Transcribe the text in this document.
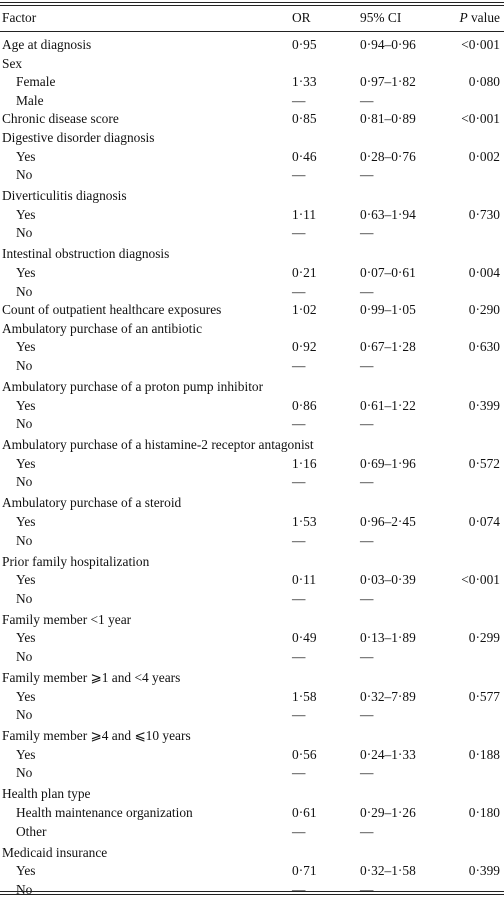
Factor	OR	95% CI	P value
Age at diagnosis	0·95	0·94–0·96	<0·001
Sex
Female	1·33	0·97–1·82	0·080
Male	—	—
Chronic disease score	0·85	0·81–0·89	<0·001
Digestive disorder diagnosis
Yes	0·46	0·28–0·76	0·002
No	—	—
Diverticulitis diagnosis
Yes	1·11	0·63–1·94	0·730
No	—	—
Intestinal obstruction diagnosis
Yes	0·21	0·07–0·61	0·004
No	—	—
Count of outpatient healthcare exposures	1·02	0·99–1·05	0·290
Ambulatory purchase of an antibiotic
Yes	0·92	0·67–1·28	0·630
No	—	—
Ambulatory purchase of a proton pump inhibitor
Yes	0·86	0·61–1·22	0·399
No	—	—
Ambulatory purchase of a histamine-2 receptor antagonist
Yes	1·16	0·69–1·96	0·572
No	—	—
Ambulatory purchase of a steroid
Yes	1·53	0·96–2·45	0·074
No	—	—
Prior family hospitalization
Yes	0·11	0·03–0·39	<0·001
No	—	—
Family member <1 year
Yes	0·49	0·13–1·89	0·299
No	—	—
Family member ⩾1 and <4 years
Yes	1·58	0·32–7·89	0·577
No	—	—
Family member ⩾4 and ⩽10 years
Yes	0·56	0·24–1·33	0·188
No	—	—
Health plan type
Health maintenance organization	0·61	0·29–1·26	0·180
Other	—	—
Medicaid insurance
Yes	0·71	0·32–1·58	0·399
No	—	—
